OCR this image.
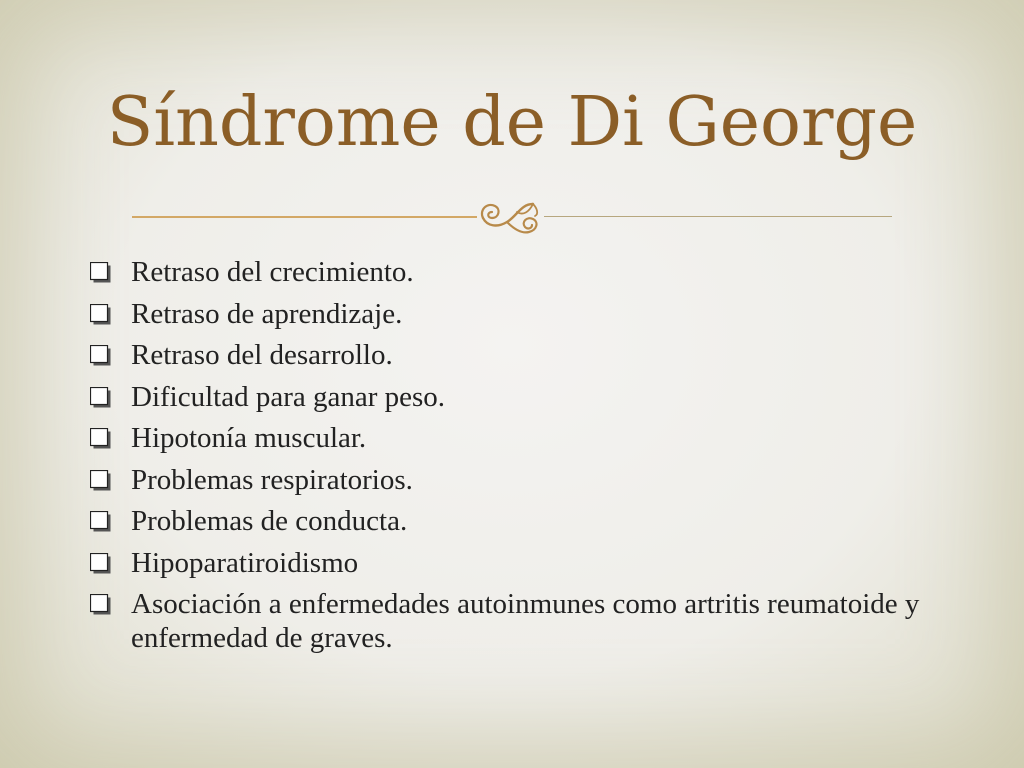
Síndrome de Di George
Retraso del crecimiento.
Retraso de aprendizaje.
Retraso del desarrollo.
Dificultad para ganar peso.
Hipotonía muscular.
Problemas respiratorios.
Problemas de conducta.
Hipoparatiroidismo
Asociación a enfermedades autoinmunes como artritis reumatoide y enfermedad de graves.
